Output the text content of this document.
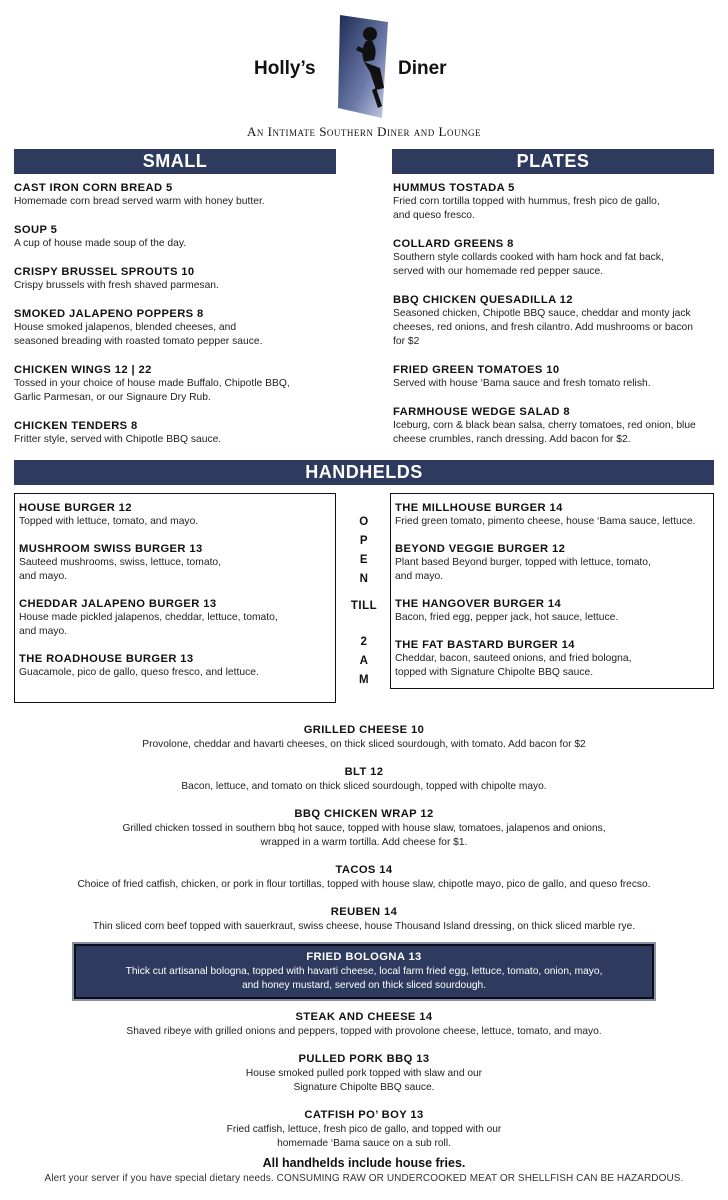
Holly’s	Diner
An Intimate Southern Diner and Lounge
SMALL	PLATES
CAST IRON CORN BREAD 5
Homemade corn bread served warm with honey butter.
SOUP 5
A cup of house made soup of the day.
CRISPY BRUSSEL SPROUTS 10
Crispy brussels with fresh shaved parmesan.
SMOKED JALAPENO POPPERS 8
House smoked jalapenos, blended cheeses, and
seasoned breading with roasted tomato pepper sauce.
CHICKEN WINGS 12 | 22
Tossed in your choice of house made Buffalo, Chipotle BBQ,
Garlic Parmesan, or our Signaure Dry Rub.
CHICKEN TENDERS 8
Fritter style, served with Chipotle BBQ sauce.
HUMMUS TOSTADA 5
Fried corn tortilla topped with hummus, fresh pico de gallo,
and queso fresco.
COLLARD GREENS 8
Southern style collards cooked with ham hock and fat back,
served with our homemade red pepper sauce.
BBQ CHICKEN QUESADILLA 12
Seasoned chicken, Chipotle BBQ sauce, cheddar and monty jack
cheeses, red onions, and fresh cilantro. Add mushrooms or bacon
for $2
FRIED GREEN TOMATOES 10
Served with house ‘Bama sauce and fresh tomato relish.
FARMHOUSE WEDGE SALAD 8
Iceburg, corn & black bean salsa, cherry tomatoes, red onion, blue
cheese crumbles, ranch dressing. Add bacon for $2.
HANDHELDS
HOUSE BURGER 12
Topped with lettuce, tomato, and mayo.
MUSHROOM SWISS BURGER 13
Sauteed mushrooms, swiss, lettuce, tomato,
and mayo.
CHEDDAR JALAPENO BURGER 13
House made pickled jalapenos, cheddar, lettuce, tomato,
and mayo.
THE ROADHOUSE BURGER 13
Guacamole, pico de gallo, queso fresco, and lettuce.
THE MILLHOUSE BURGER 14
Fried green tomato, pimento cheese, house ‘Bama sauce, lettuce.
BEYOND VEGGIE BURGER 12
Plant based Beyond burger, topped with lettuce, tomato,
and mayo.
THE HANGOVER BURGER 14
Bacon, fried egg, pepper jack, hot sauce, lettuce.
THE FAT BASTARD BURGER 14
Cheddar, bacon, sauteed onions, and fried bologna,
topped with Signature Chipolte BBQ sauce.
O
P
E
N
TILL
2
A
M
GRILLED CHEESE 10
Provolone, cheddar and havarti cheeses, on thick sliced sourdough, with tomato. Add bacon for $2
BLT 12
Bacon, lettuce, and tomato on thick sliced sourdough, topped with chipolte mayo.
BBQ CHICKEN WRAP 12
Grilled chicken tossed in southern bbq hot sauce, topped with house slaw, tomatoes, jalapenos and onions,
wrapped in a warm tortilla. Add cheese for $1.
TACOS 14
Choice of fried catfish, chicken, or pork in flour tortillas, topped with house slaw, chipotle mayo, pico de gallo, and queso frecso.
REUBEN 14
Thin sliced corn beef topped with sauerkraut, swiss cheese, house Thousand Island dressing, on thick sliced marble rye.
FRIED BOLOGNA 13
Thick cut artisanal bologna, topped with havarti cheese, local farm fried egg, lettuce, tomato, onion, mayo,
and honey mustard, served on thick sliced sourdough.
STEAK AND CHEESE 14
Shaved ribeye with grilled onions and peppers, topped with provolone cheese, lettuce, tomato, and mayo.
PULLED PORK BBQ 13
House smoked pulled pork topped with slaw and our
Signature Chipolte BBQ sauce.
CATFISH PO’ BOY 13
Fried catfish, lettuce, fresh pico de gallo, and topped with our
homemade ‘Bama sauce on a sub roll.
All handhelds include house fries.
Alert your server if you have special dietary needs. CONSUMING RAW OR UNDERCOOKED MEAT OR SHELLFISH CAN BE HAZARDOUS.
